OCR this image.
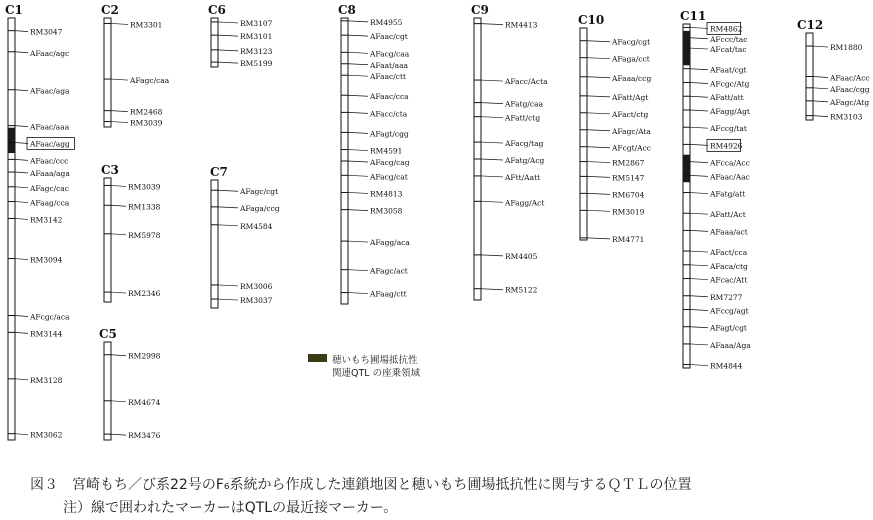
C1
RM3047
AFaac/agc
AFaac/aga
AFaac/aaa
AFaac/agg
AFaac/ccc
AFaaa/aga
AFagc/cac
AFaag/cca
RM3142
RM3094
AFcgc/aca
RM3144
RM3128
RM3062
C2
RM3301
AFagc/caa
RM2468
RM3039
C3
RM3039
RM1338
RM5978
RM2346
C5
RM2998
RM4674
RM3476
C6
RM3107
RM3101
RM3123
RM5199
C7
AFagc/cgt
AFaga/ccg
RM4584
RM3006
RM3037
C8
RM4955
AFaac/cgt
AFacg/caa
AFaat/aaa
AFaac/ctt
AFaac/cca
AFacc/cta
AFagt/cgg
RM4591
AFacg/cag
AFacg/cat
RM4813
RM3058
AFagg/aca
AFagc/act
AFaag/ctt
C9
RM4413
AFacc/Acta
AFatg/caa
AFatt/ctg
AFacg/tag
AFatg/Acg
AFtt/Aatt
AFagg/Act
RM4405
RM5122
C10
AFacg/cgt
AFaga/cct
AFaaa/ccg
AFatt/Agt
AFact/ctg
AFagc/Ata
AFcgt/Acc
RM2867
RM5147
RM6704
RM3019
RM4771
C11
RM4862
AFccc/tac
AFcat/tac
AFaat/cgt
AFcgc/Atg
AFatt/att
AFagg/Agt
AFccg/tat
RM4926
AFcca/Acc
AFaac/Aac
AFatg/att
AFatt/Act
AFaaa/act
AFact/cca
AFaca/ctg
AFcac/Att
RM7277
AFccg/agt
AFagt/cgt
AFaaa/Aga
RM4844
C12
RM1880
AFaac/Acc
AFaac/cgg
AFagc/Atg
RM3103
穂いもち圃場抵抗性
関連QTL の座乗領域
図３　宮崎もち／び系22号のF₆系統から作成した連鎖地図と穂いもち圃場抵抗性に関与するＱＴＬの位置
注）線で囲われたマーカーはQTLの最近接マーカー。
